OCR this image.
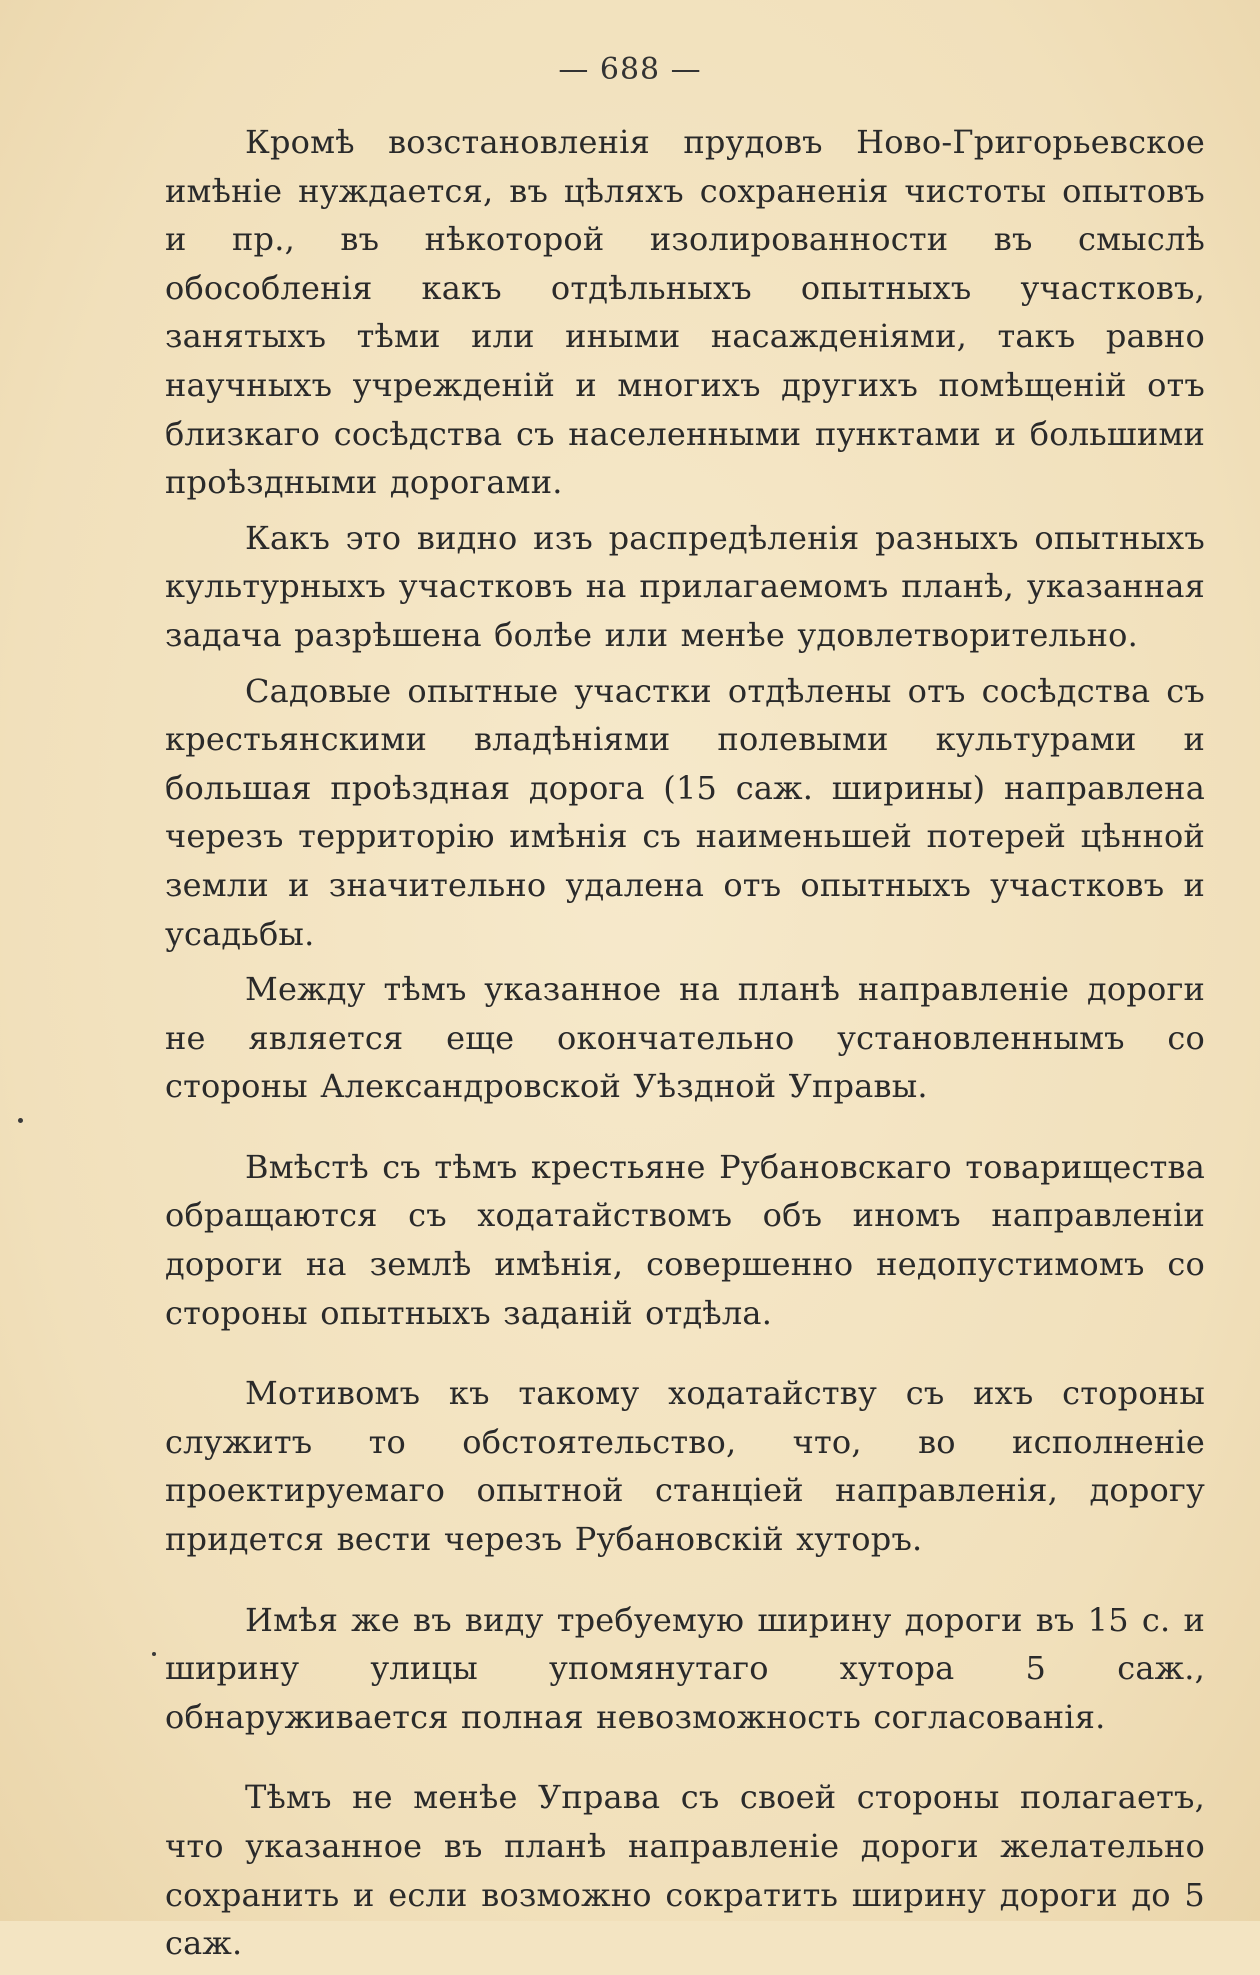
— 688 —

Кромѣ возстановленія прудовъ Ново-Григорьевское имѣніе нуждается, въ цѣляхъ сохраненія чистоты опытовъ и пр., въ нѣкоторой изолированности въ смыслѣ обособленія какъ отдѣльныхъ опытныхъ участковъ, занятыхъ тѣми или иными насажденіями, такъ равно научныхъ учрежденій и многихъ другихъ помѣщеній отъ близкаго сосѣдства съ населенными пунктами и большими проѣздными дорогами.

Какъ это видно изъ распредѣленія разныхъ опытныхъ культурныхъ участковъ на прилагаемомъ планѣ, указанная задача разрѣшена болѣе или менѣе удовлетворительно.

Садовые опытные участки отдѣлены отъ сосѣдства съ крестьянскими владѣніями полевыми культурами и большая проѣздная дорога (15 саж. ширины) направлена черезъ территорію имѣнія съ наименьшей потерей цѣнной земли и значительно удалена отъ опытныхъ участковъ и усадьбы.

Между тѣмъ указанное на планѣ направленіе дороги не является еще окончательно установленнымъ со стороны Александровской Уѣздной Управы.

Вмѣстѣ съ тѣмъ крестьяне Рубановскаго товарищества обращаются съ ходатайствомъ объ иномъ направленіи дороги на землѣ имѣнія, совершенно недопустимомъ со стороны опытныхъ заданій отдѣла.

Мотивомъ къ такому ходатайству съ ихъ стороны служитъ то обстоятельство, что, во исполненіе проектируемаго опытной станціей направленія, дорогу придется вести черезъ Рубановскій хуторъ.

Имѣя же въ виду требуемую ширину дороги въ 15 с. и ширину улицы упомянутаго хутора 5 саж., обнаруживается полная невозможность согласованія.

Тѣмъ не менѣе Управа съ своей стороны полагаетъ, что указанное въ планѣ направленіе дороги желательно сохранить и если возможно сократить ширину дороги до 5 саж.
